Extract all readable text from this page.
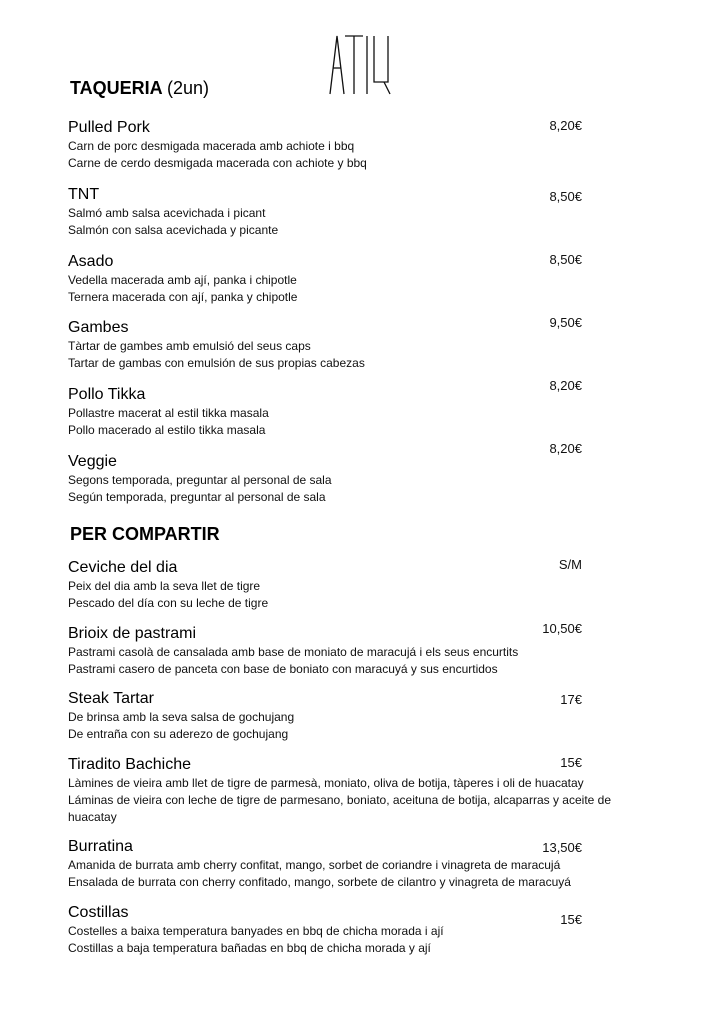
TAQUERIA (2un)
Pulled Pork
Carn de porc desmigada macerada amb achiote i bbq
Carne de cerdo desmigada macerada con achiote y bbq
8,20€
TNT
Salmó amb salsa acevichada i picant
Salmón con salsa acevichada y picante
8,50€
Asado
Vedella macerada amb ají, panka i chipotle
Ternera macerada con ají, panka y chipotle
8,50€
Gambes
Tàrtar de gambes amb emulsió del seus caps
Tartar de gambas con emulsión de sus propias cabezas
9,50€
Pollo Tikka
Pollastre macerat al estil tikka masala
Pollo macerado al estilo tikka masala
8,20€
Veggie
Segons temporada, preguntar al personal de sala
Según temporada, preguntar al personal de sala
8,20€
PER COMPARTIR
Ceviche del dia
Peix del dia amb la seva llet de tigre
Pescado del día con su leche de tigre
S/M
Brioix de pastrami
Pastrami casolà de cansalada amb base de moniato de maracujá i els seus encurtits
Pastrami casero de panceta con base de boniato con maracuyá y sus encurtidos
10,50€
Steak Tartar
De brinsa amb la seva salsa de gochujang
De entraña con su aderezo de gochujang
17€
Tiradito Bachiche
Làmines de vieira amb llet de tigre de parmesà, moniato, oliva de botija, tàperes i oli de huacatay
Láminas de vieira con leche de tigre de parmesano, boniato, aceituna de botija, alcaparras y aceite de huacatay
15€
Burratina
Amanida de burrata amb cherry confitat, mango, sorbet de coriandre i vinagreta de maracujá
Ensalada de burrata con cherry confitado, mango, sorbete de cilantro y vinagreta de maracuyá
13,50€
Costillas
Costelles a baixa temperatura banyades en bbq de chicha morada i ají
Costillas a baja temperatura bañadas en bbq de chicha morada y ají
15€
